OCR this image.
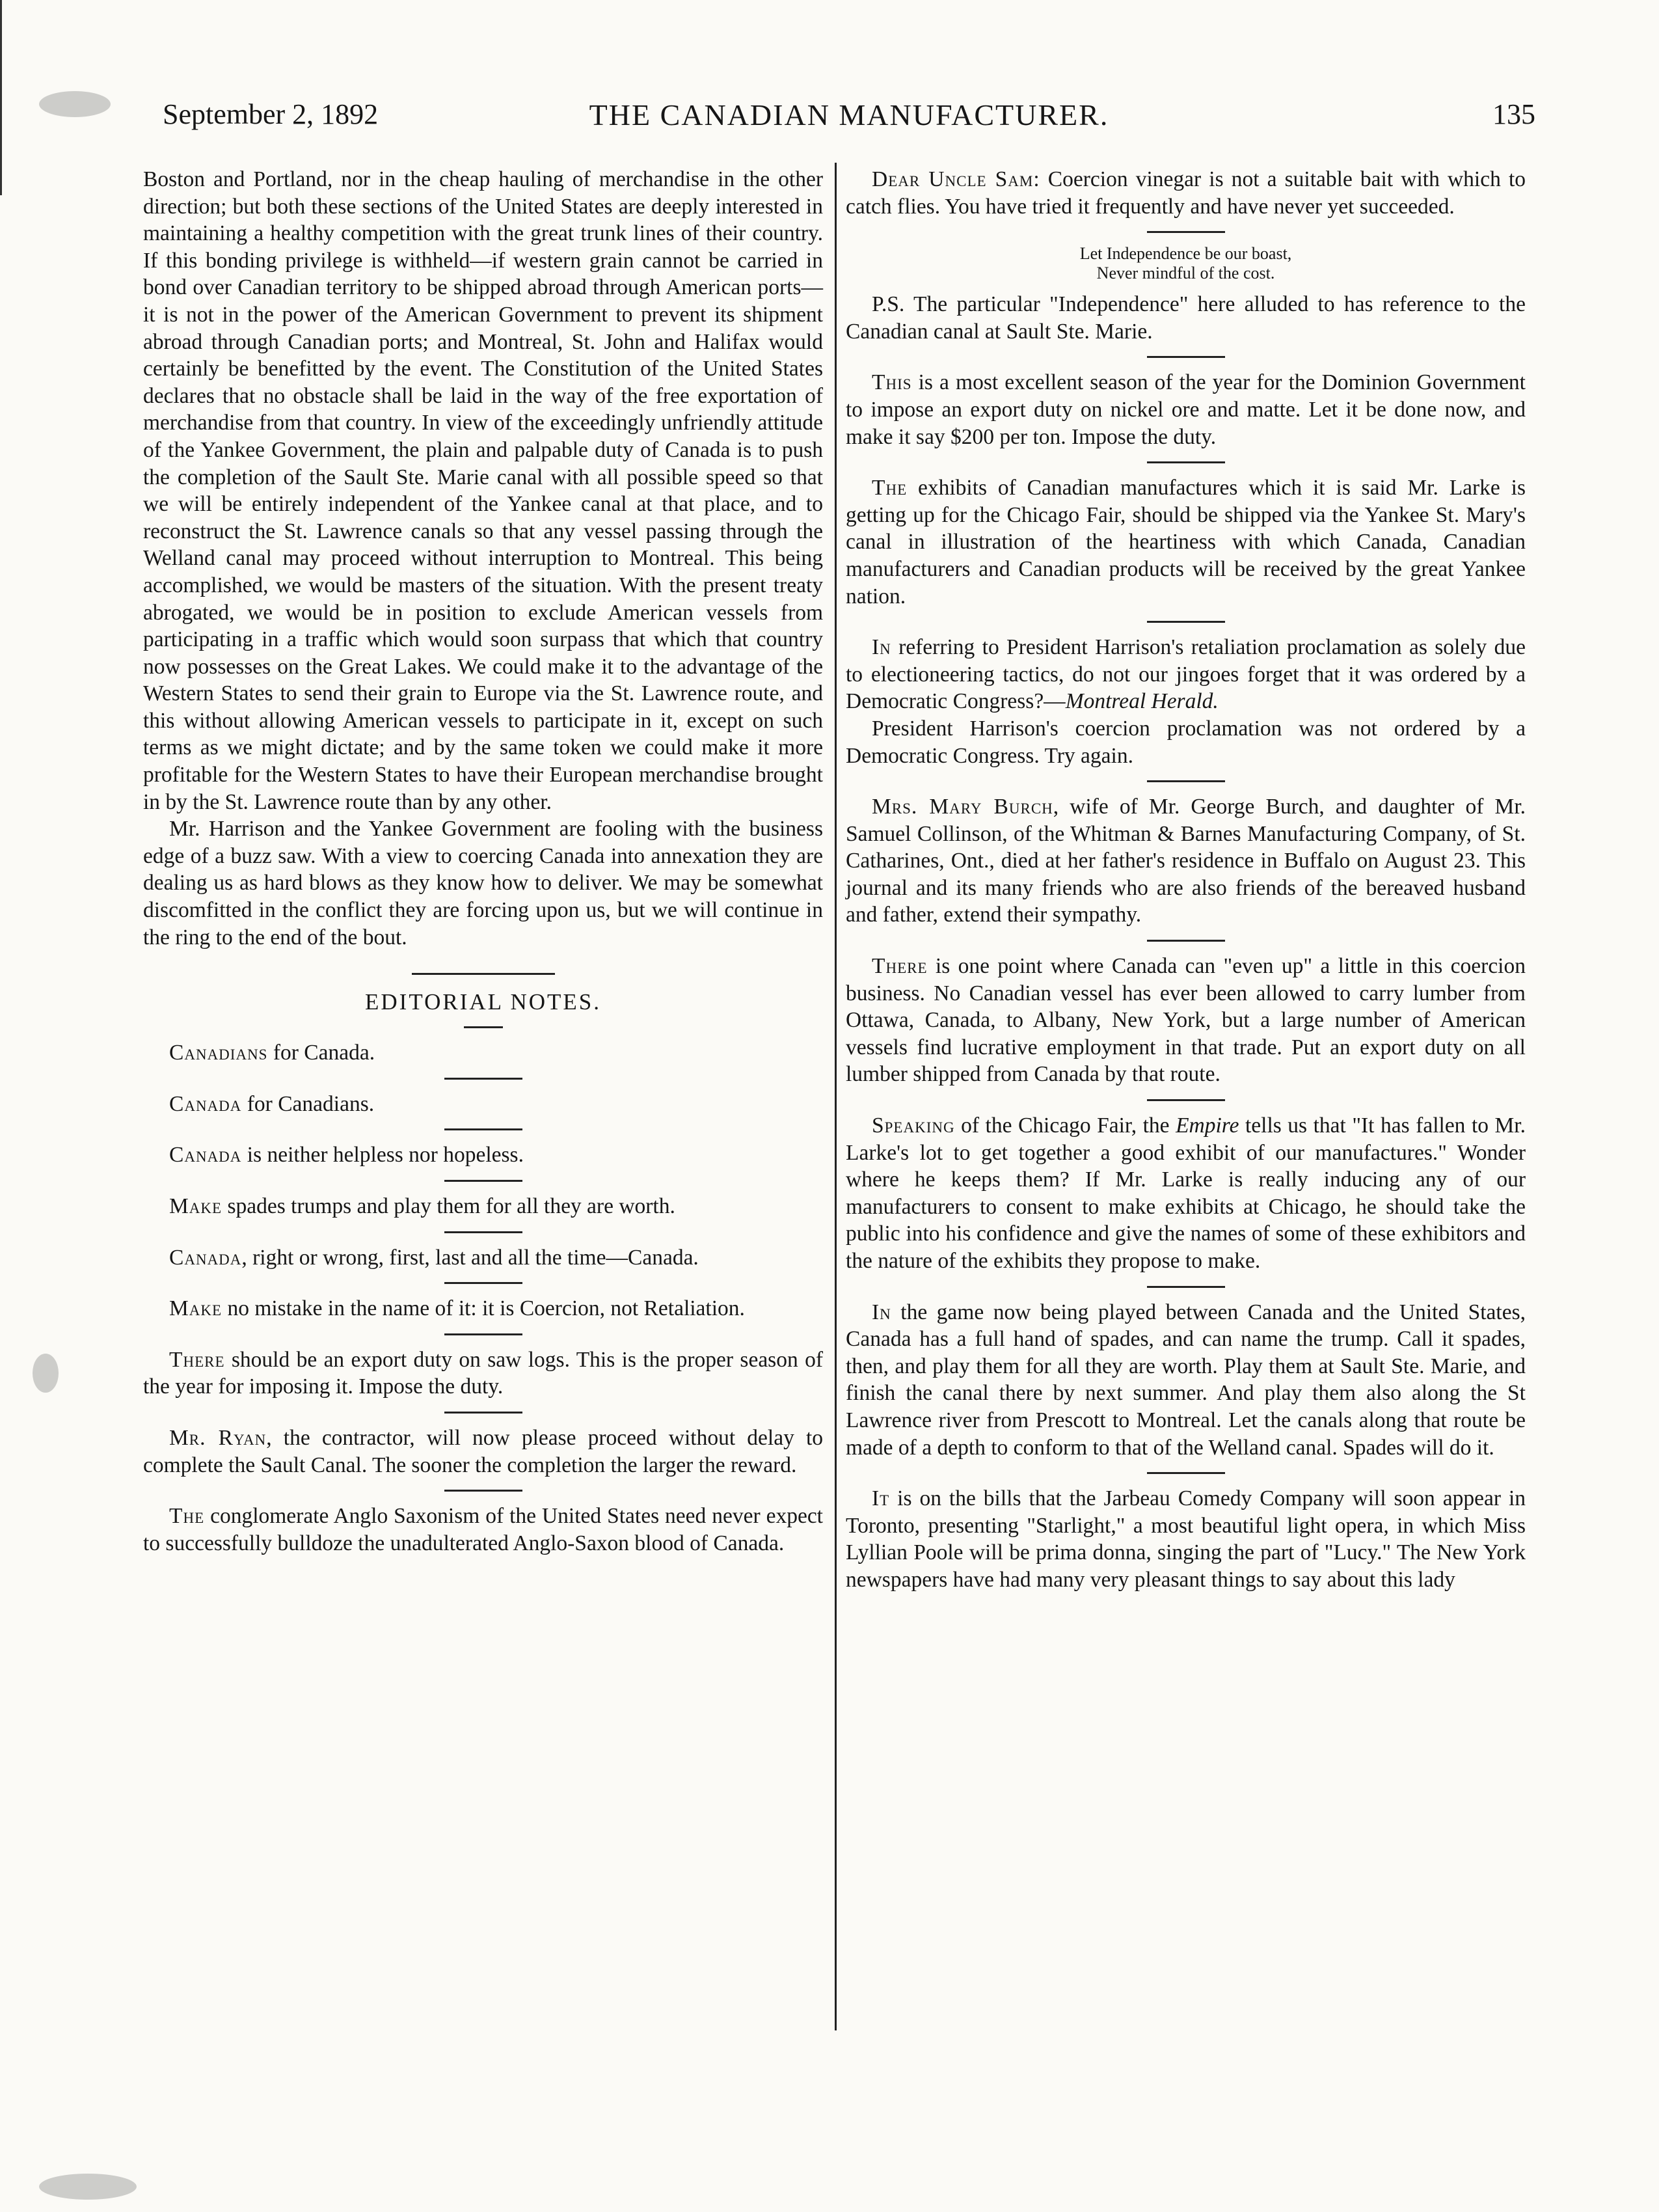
September 2, 1892	THE CANADIAN MANUFACTURER.	135

Boston and Portland, nor in the cheap hauling of merchandise in the other direction; but both these sections of the United States are deeply interested in maintaining a healthy competition with the great trunk lines of their country. If this bonding privilege is withheld—if western grain cannot be carried in bond over Canadian territory to be shipped abroad through American ports—it is not in the power of the American Government to prevent its shipment abroad through Canadian ports; and Montreal, St. John and Halifax would certainly be benefitted by the event. The Constitution of the United States declares that no obstacle shall be laid in the way of the free exportation of merchandise from that country. In view of the exceedingly unfriendly attitude of the Yankee Government, the plain and palpable duty of Canada is to push the completion of the Sault Ste. Marie canal with all possible speed so that we will be entirely independent of the Yankee canal at that place, and to reconstruct the St. Lawrence canals so that any vessel passing through the Welland canal may proceed without interruption to Montreal. This being accomplished, we would be masters of the situation. With the present treaty abrogated, we would be in position to exclude American vessels from participating in a traffic which would soon surpass that which that country now possesses on the Great Lakes. We could make it to the advantage of the Western States to send their grain to Europe via the St. Lawrence route, and this without allowing American vessels to participate in it, except on such terms as we might dictate; and by the same token we could make it more profitable for the Western States to have their European merchandise brought in by the St. Lawrence route than by any other.

Mr. Harrison and the Yankee Government are fooling with the business edge of a buzz saw. With a view to coercing Canada into annexation they are dealing us as hard blows as they know how to deliver. We may be somewhat discomfitted in the conflict they are forcing upon us, but we will continue in the ring to the end of the bout.

EDITORIAL NOTES.

Canadians for Canada.

Canada for Canadians.

Canada is neither helpless nor hopeless.

Make spades trumps and play them for all they are worth.

Canada, right or wrong, first, last and all the time—Canada.

Make no mistake in the name of it: it is Coercion, not Retaliation.

There should be an export duty on saw logs. This is the proper season of the year for imposing it. Impose the duty.

Mr. Ryan, the contractor, will now please proceed without delay to complete the Sault Canal. The sooner the completion the larger the reward.

The conglomerate Anglo Saxonism of the United States need never expect to successfully bulldoze the unadulterated Anglo-Saxon blood of Canada.

Dear Uncle Sam: Coercion vinegar is not a suitable bait with which to catch flies. You have tried it frequently and have never yet succeeded.

Let Independence be our boast,
Never mindful of the cost.

P.S. The particular "Independence" here alluded to has reference to the Canadian canal at Sault Ste. Marie.

This is a most excellent season of the year for the Dominion Government to impose an export duty on nickel ore and matte. Let it be done now, and make it say $200 per ton. Impose the duty.

The exhibits of Canadian manufactures which it is said Mr. Larke is getting up for the Chicago Fair, should be shipped via the Yankee St. Mary's canal in illustration of the heartiness with which Canada, Canadian manufacturers and Canadian products will be received by the great Yankee nation.

In referring to President Harrison's retaliation proclamation as solely due to electioneering tactics, do not our jingoes forget that it was ordered by a Democratic Congress?—Montreal Herald.

President Harrison's coercion proclamation was not ordered by a Democratic Congress. Try again.

Mrs. Mary Burch, wife of Mr. George Burch, and daughter of Mr. Samuel Collinson, of the Whitman & Barnes Manufacturing Company, of St. Catharines, Ont., died at her father's residence in Buffalo on August 23. This journal and its many friends who are also friends of the bereaved husband and father, extend their sympathy.

There is one point where Canada can "even up" a little in this coercion business. No Canadian vessel has ever been allowed to carry lumber from Ottawa, Canada, to Albany, New York, but a large number of American vessels find lucrative employment in that trade. Put an export duty on all lumber shipped from Canada by that route.

Speaking of the Chicago Fair, the Empire tells us that "It has fallen to Mr. Larke's lot to get together a good exhibit of our manufactures." Wonder where he keeps them? If Mr. Larke is really inducing any of our manufacturers to consent to make exhibits at Chicago, he should take the public into his confidence and give the names of some of these exhibitors and the nature of the exhibits they propose to make.

In the game now being played between Canada and the United States, Canada has a full hand of spades, and can name the trump. Call it spades, then, and play them for all they are worth. Play them at Sault Ste. Marie, and finish the canal there by next summer. And play them also along the St Lawrence river from Prescott to Montreal. Let the canals along that route be made of a depth to conform to that of the Welland canal. Spades will do it.

It is on the bills that the Jarbeau Comedy Company will soon appear in Toronto, presenting "Starlight," a most beautiful light opera, in which Miss Lyllian Poole will be prima donna, singing the part of "Lucy." The New York newspapers have had many very pleasant things to say about this lady
